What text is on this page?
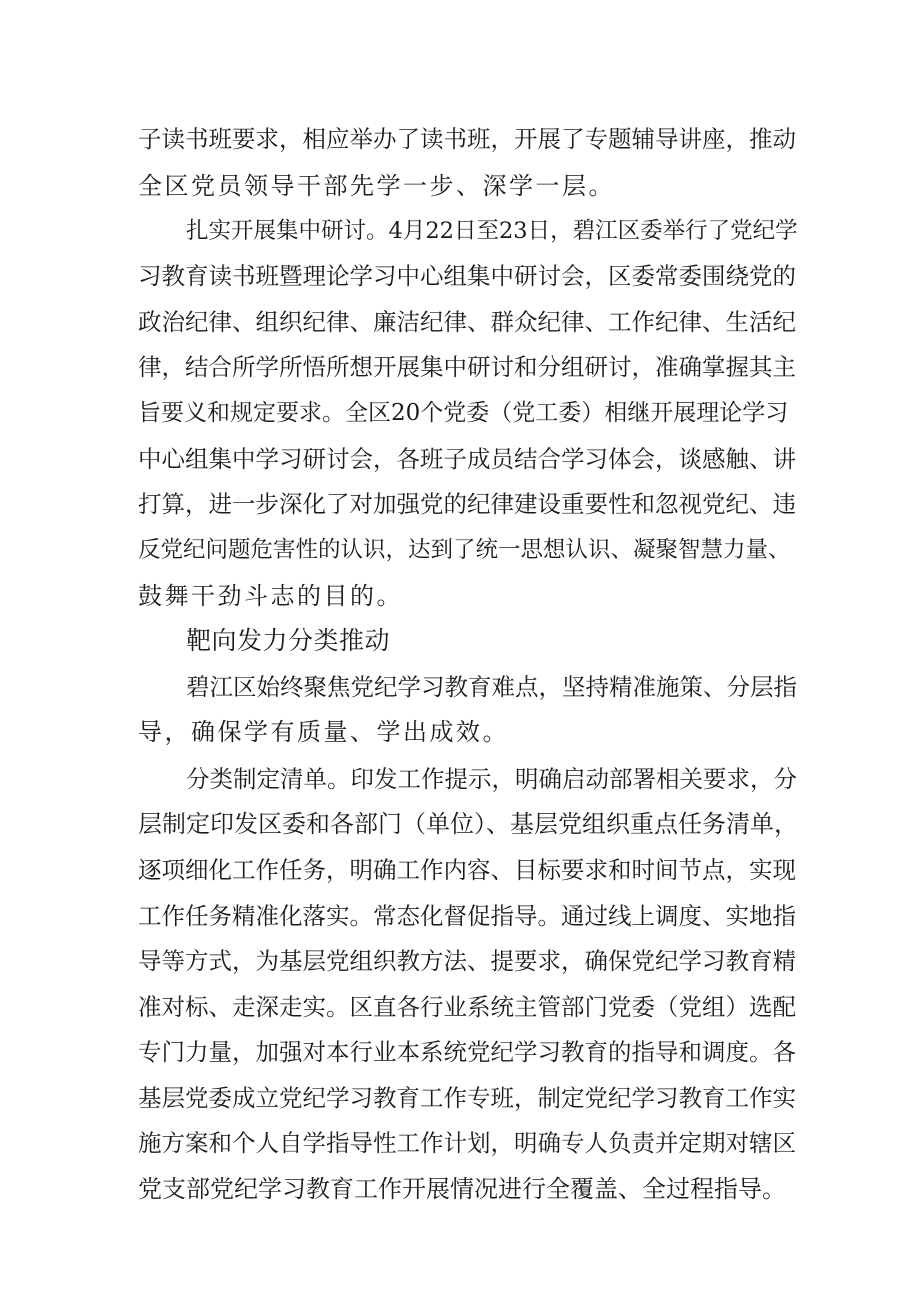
子读书班要求，相应举办了读书班，开展了专题辅导讲座，推动
全区党员领导干部先学一步、深学一层。
扎实开展集中研讨。4月22日至23日，碧江区委举行了党纪学
习教育读书班暨理论学习中心组集中研讨会，区委常委围绕党的
政治纪律、组织纪律、廉洁纪律、群众纪律、工作纪律、生活纪
律，结合所学所悟所想开展集中研讨和分组研讨，准确掌握其主
旨要义和规定要求。全区20个党委（党工委）相继开展理论学习
中心组集中学习研讨会，各班子成员结合学习体会，谈感触、讲
打算，进一步深化了对加强党的纪律建设重要性和忽视党纪、违
反党纪问题危害性的认识，达到了统一思想认识、凝聚智慧力量、
鼓舞干劲斗志的目的。
靶向发力分类推动
碧江区始终聚焦党纪学习教育难点，坚持精准施策、分层指
导，确保学有质量、学出成效。
分类制定清单。印发工作提示，明确启动部署相关要求，分
层制定印发区委和各部门（单位）、基层党组织重点任务清单，
逐项细化工作任务，明确工作内容、目标要求和时间节点，实现
工作任务精准化落实。常态化督促指导。通过线上调度、实地指
导等方式，为基层党组织教方法、提要求，确保党纪学习教育精
准对标、走深走实。区直各行业系统主管部门党委（党组）选配
专门力量，加强对本行业本系统党纪学习教育的指导和调度。各
基层党委成立党纪学习教育工作专班，制定党纪学习教育工作实
施方案和个人自学指导性工作计划，明确专人负责并定期对辖区
党支部党纪学习教育工作开展情况进行全覆盖、全过程指导。
